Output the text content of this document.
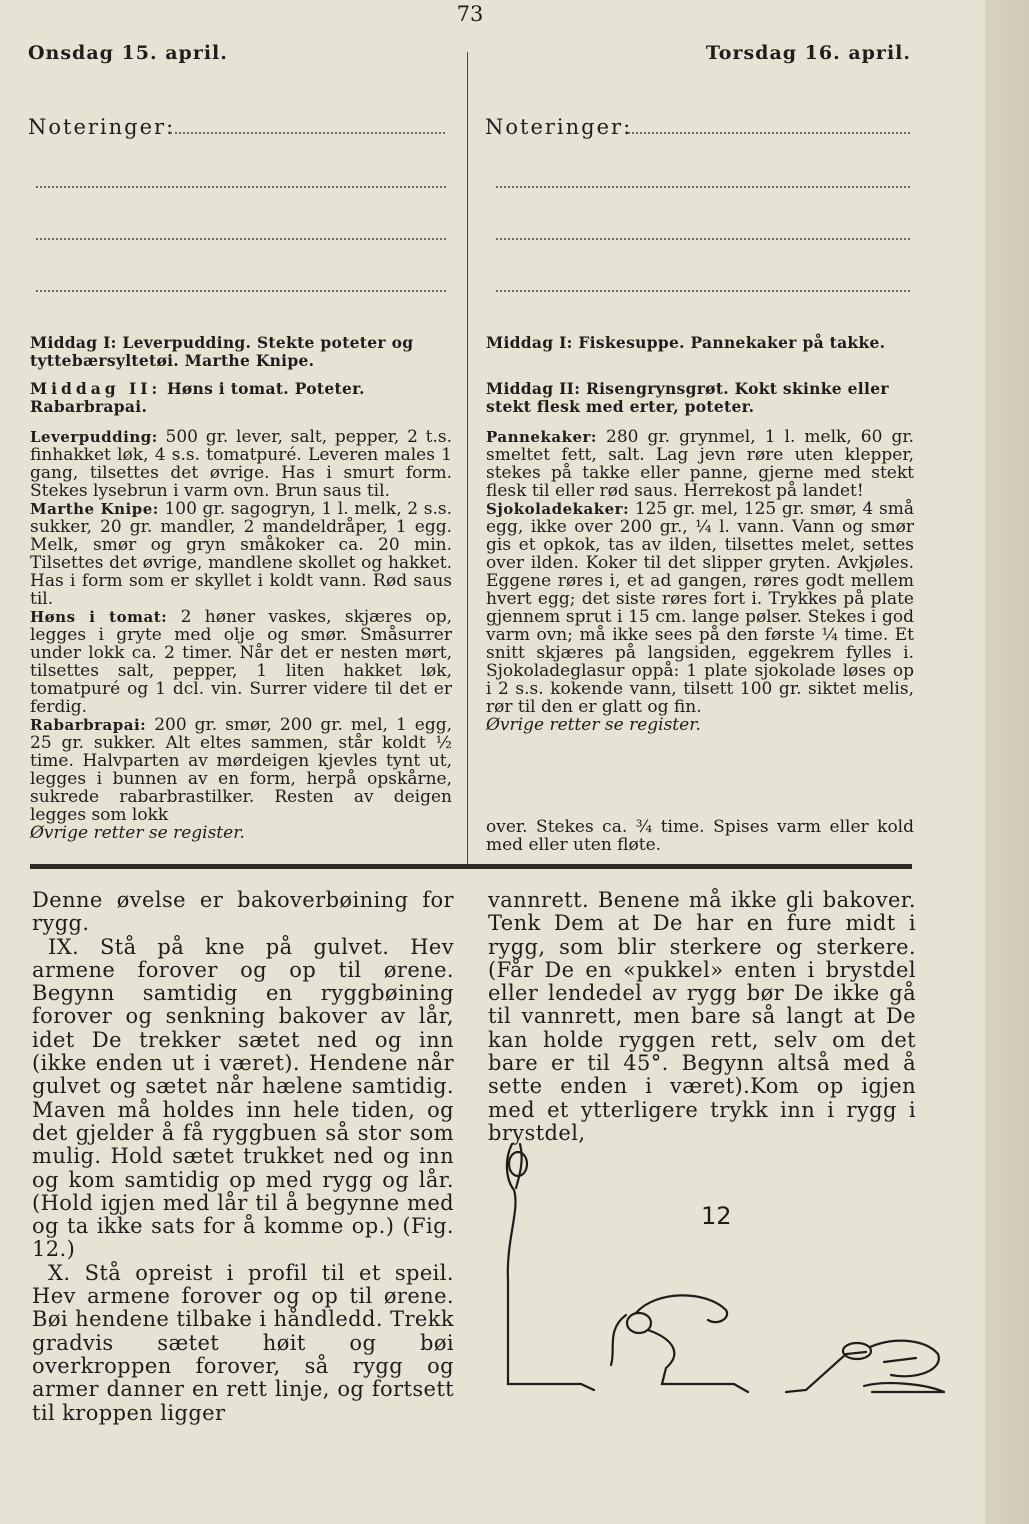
73
Onsdag 15. april.	Torsdag 16. april.
Noteringer:	Noteringer:
Middag I: Leverpudding. Stekte poteter og tyttebærsyltetøi. Marthe Knipe.
Middag II: Høns i tomat. Poteter. Rabarbrapai.

Leverpudding: 500 gr. lever, salt, pepper, 2 t.s. finhakket løk, 4 s.s. tomatpuré. Leveren males 1 gang, tilsettes det øvrige. Has i smurt form. Stekes lysebrun i varm ovn. Brun saus til.

Marthe Knipe: 100 gr. sagogryn, 1 l. melk, 2 s.s. sukker, 20 gr. mandler, 2 mandeldråper, 1 egg. Melk, smør og gryn småkoker ca. 20 min. Tilsettes det øvrige, mandlene skollet og hakket. Has i form som er skyllet i koldt vann. Rød saus til.

Høns i tomat: 2 høner vaskes, skjæres op, legges i gryte med olje og smør. Småsurrer under lokk ca. 2 timer. Når det er nesten mørt, tilsettes salt, pepper, 1 liten hakket løk, tomatpuré og 1 dcl. vin. Surrer videre til det er ferdig.

Rabarbrapai: 200 gr. smør, 200 gr. mel, 1 egg, 25 gr. sukker. Alt eltes sammen, står koldt ½ time. Halvparten av mørdeigen kjevles tynt ut, legges i bunnen av en form, herpå opskårne, sukrede rabarbrastilker. Resten av deigen legges som lokk

Øvrige retter se register.

Middag I: Fiskesuppe. Pannekaker på takke.
Middag II: Risengrynsgrøt. Kokt skinke eller stekt flesk med erter, poteter.

Pannekaker: 280 gr. grynmel, 1 l. melk, 60 gr. smeltet fett, salt. Lag jevn røre uten klepper, stekes på takke eller panne, gjerne med stekt flesk til eller rød saus. Herrekost på landet!

Sjokoladekaker: 125 gr. mel, 125 gr. smør, 4 små egg, ikke over 200 gr., ¼ l. vann. Vann og smør gis et opkok, tas av ilden, tilsettes melet, settes over ilden. Koker til det slipper gryten. Avkjøles. Eggene røres i, et ad gangen, røres godt mellem hvert egg; det siste røres fort i. Trykkes på plate gjennem sprut i 15 cm. lange pølser. Stekes i god varm ovn; må ikke sees på den første ¼ time. Et snitt skjæres på langsiden, eggekrem fylles i. Sjokoladeglasur oppå: 1 plate sjokolade løses op i 2 s.s. kokende vann, tilsett 100 gr. siktet melis, rør til den er glatt og fin.

Øvrige retter se register.

over. Stekes ca. ¾ time. Spises varm eller kold med eller uten fløte.

Denne øvelse er bakoverbøining for rygg.

IX. Stå på kne på gulvet. Hev armene forover og op til ørene. Begynn samtidig en ryggbøining forover og senkning bakover av lår, idet De trekker sætet ned og inn (ikke enden ut i været). Hendene når gulvet og sætet når hælene samtidig. Maven må holdes inn hele tiden, og det gjelder å få ryggbuen så stor som mulig. Hold sætet trukket ned og inn og kom samtidig op med rygg og lår. (Hold igjen med lår til å begynne med og ta ikke sats for å komme op.) (Fig. 12.)

X. Stå opreist i profil til et speil. Hev armene forover og op til ørene. Bøi hendene tilbake i håndledd. Trekk gradvis sætet høit og bøi overkroppen forover, så rygg og armer danner en rett linje, og fortsett til kroppen ligger

vannrett. Benene må ikke gli bakover. Tenk Dem at De har en fure midt i rygg, som blir sterkere og sterkere. (Får De en «pukkel» enten i brystdel eller lendedel av rygg bør De ikke gå til vannrett, men bare så langt at De kan holde ryggen rett, selv om det bare er til 45°. Begynn altså med å sette enden i været).Kom op igjen med et ytterligere trykk inn i rygg i brystdel,

12
